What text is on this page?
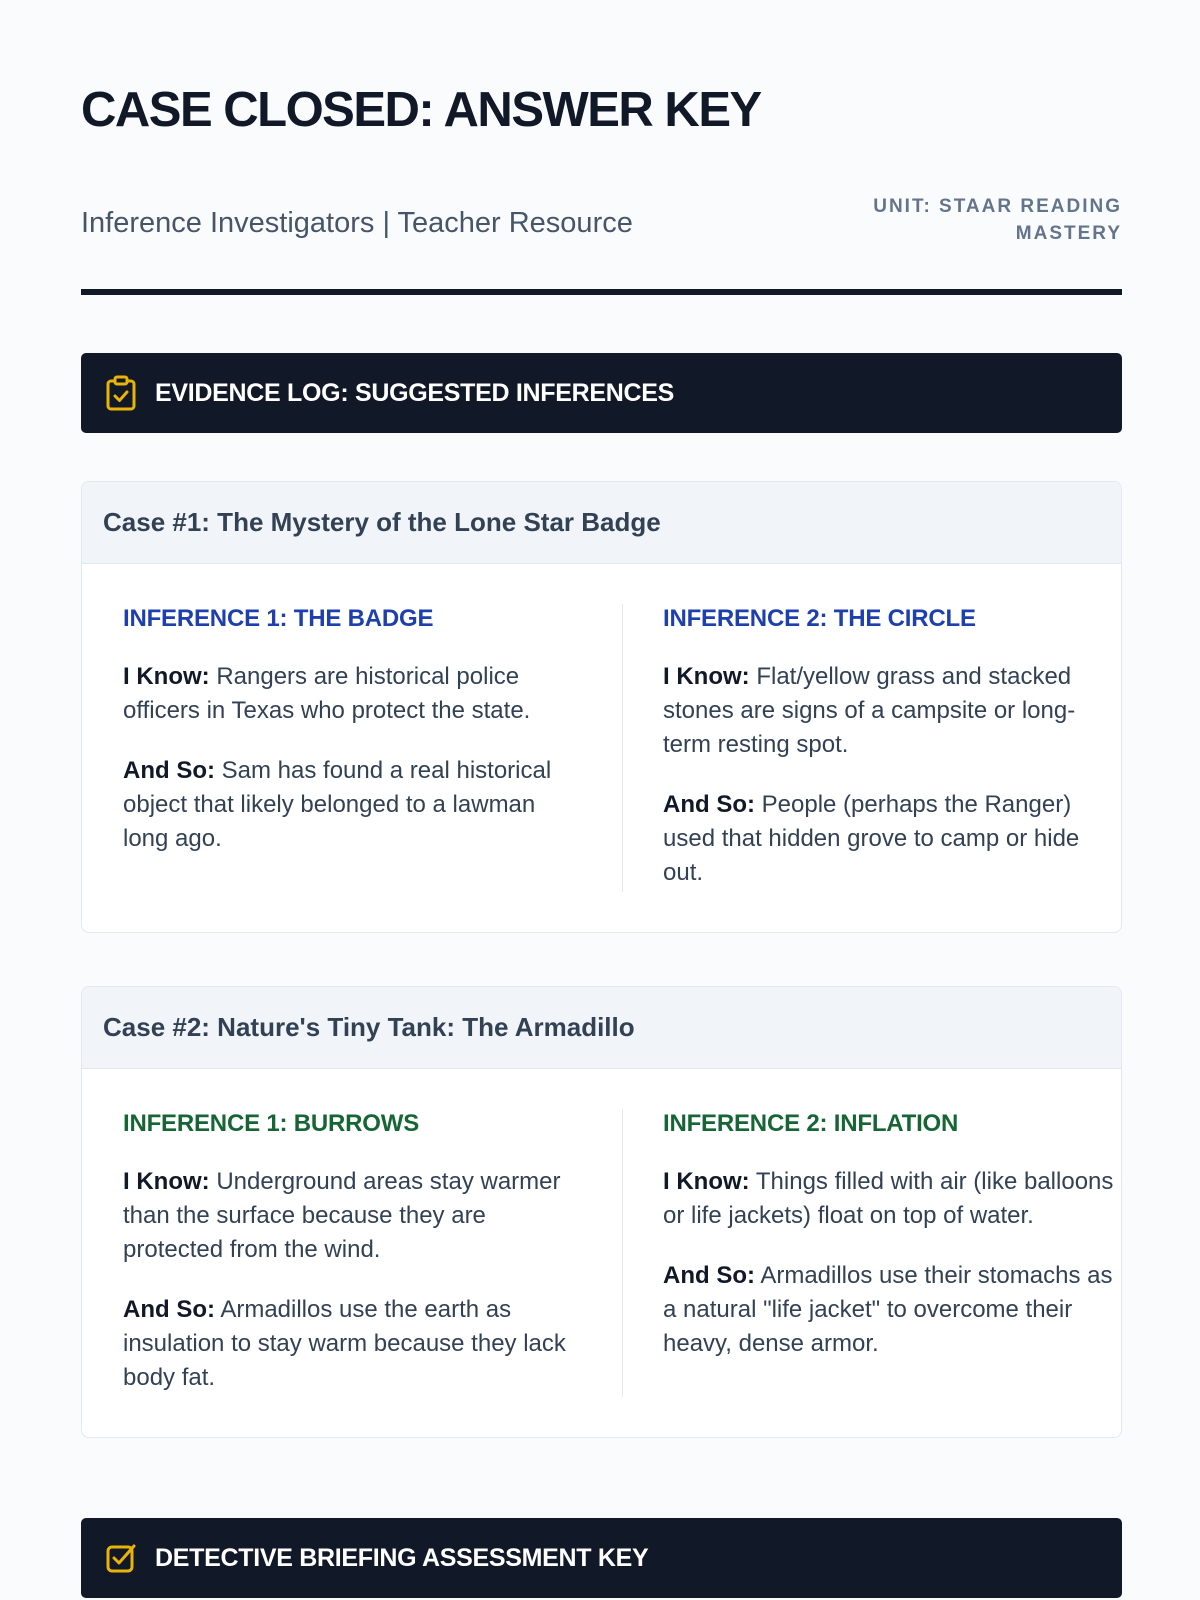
CASE CLOSED: ANSWER KEY
Inference Investigators | Teacher Resource
UNIT: STAAR READING MASTERY
EVIDENCE LOG: SUGGESTED INFERENCES
Case #1: The Mystery of the Lone Star Badge
INFERENCE 1: THE BADGE

I Know: Rangers are historical police officers in Texas who protect the state.

And So: Sam has found a real historical object that likely belonged to a lawman long ago.

INFERENCE 2: THE CIRCLE

I Know: Flat/yellow grass and stacked stones are signs of a campsite or long-term resting spot.

And So: People (perhaps the Ranger) used that hidden grove to camp or hide out.

Case #2: Nature's Tiny Tank: The Armadillo
INFERENCE 1: BURROWS

I Know: Underground areas stay warmer than the surface because they are protected from the wind.

And So: Armadillos use the earth as insulation to stay warm because they lack body fat.

INFERENCE 2: INFLATION

I Know: Things filled with air (like balloons or life jackets) float on top of water.

And So: Armadillos use their stomachs as a natural "life jacket" to overcome their heavy, dense armor.

DETECTIVE BRIEFING ASSESSMENT KEY
